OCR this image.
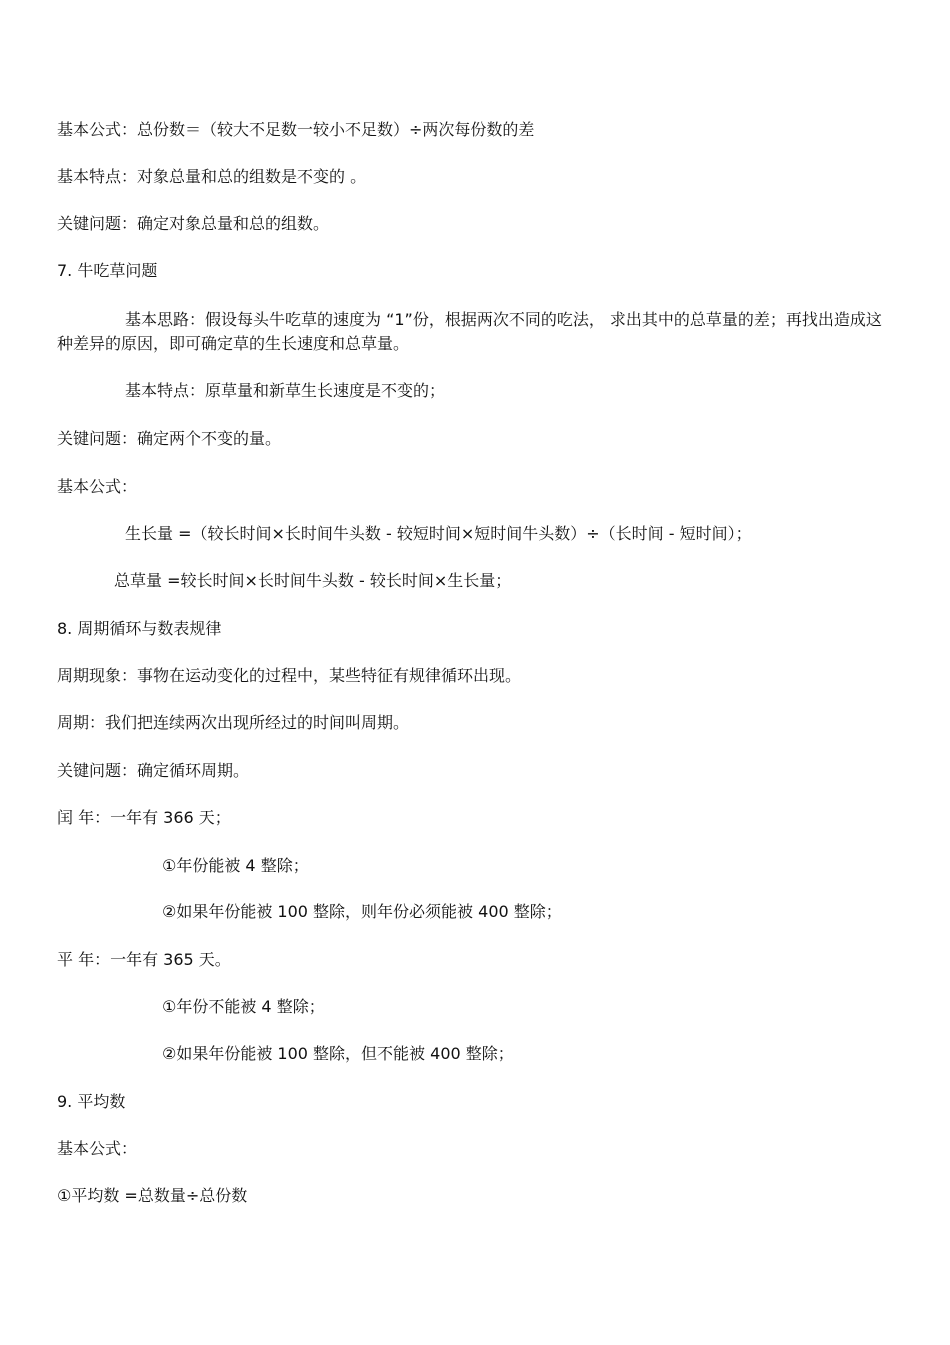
基本公式：总份数＝（较大不足数一较小不足数）÷两次每份数的差
基本特点：对象总量和总的组数是不变的 。
关键问题：确定对象总量和总的组数。
7. 牛吃草问题
基本思路：假设每头牛吃草的速度为 “1”份，根据两次不同的吃法， 求出其中的总草量的差；再找出造成这种差异的原因，即可确定草的生长速度和总草量。
基本特点：原草量和新草生长速度是不变的；
关键问题：确定两个不变的量。
基本公式：
生长量 =（较长时间×长时间牛头数 - 较短时间×短时间牛头数）÷（长时间 - 短时间）；
总草量 =较长时间×长时间牛头数 - 较长时间×生长量；
8. 周期循环与数表规律
周期现象：事物在运动变化的过程中，某些特征有规律循环出现。
周期：我们把连续两次出现所经过的时间叫周期。
关键问题：确定循环周期。
闰 年：一年有 366 天；
①年份能被 4 整除；
②如果年份能被 100 整除，则年份必须能被 400 整除；
平 年：一年有 365 天。
①年份不能被 4 整除；
②如果年份能被 100 整除，但不能被 400 整除；
9. 平均数
基本公式：
①平均数 =总数量÷总份数
